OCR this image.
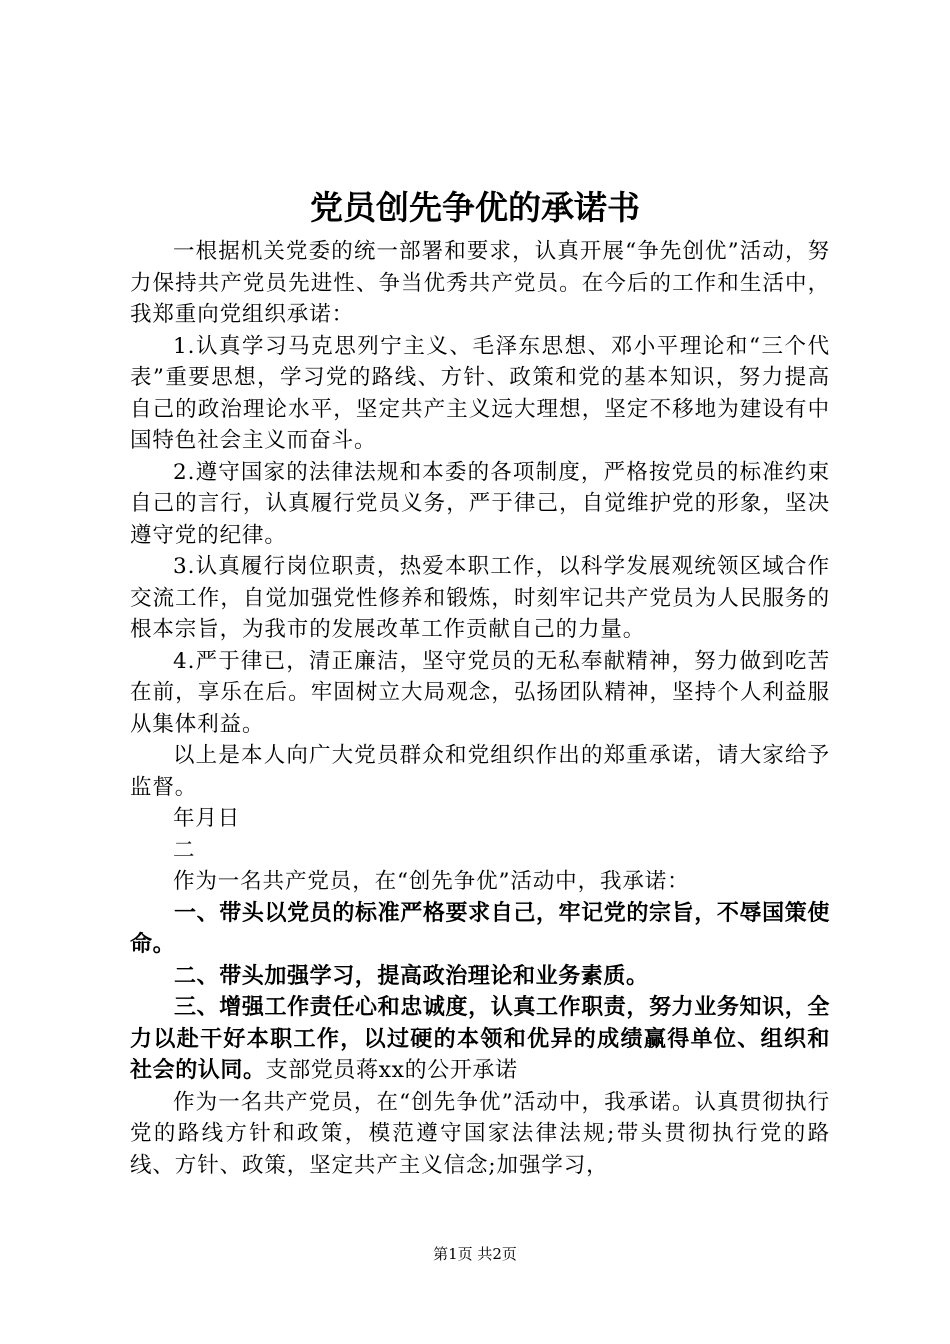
党员创先争优的承诺书

一根据机关党委的统一部署和要求，认真开展“争先创优”活动，努力保持共产党员先进性、争当优秀共产党员。在今后的工作和生活中，我郑重向党组织承诺：

1.认真学习马克思列宁主义、毛泽东思想、邓小平理论和“三个代表”重要思想，学习党的路线、方针、政策和党的基本知识，努力提高自己的政治理论水平，坚定共产主义远大理想，坚定不移地为建设有中国特色社会主义而奋斗。

2.遵守国家的法律法规和本委的各项制度，严格按党员的标准约束自己的言行，认真履行党员义务，严于律己，自觉维护党的形象，坚决遵守党的纪律。

3.认真履行岗位职责，热爱本职工作，以科学发展观统领区域合作交流工作，自觉加强党性修养和锻炼，时刻牢记共产党员为人民服务的根本宗旨，为我市的发展改革工作贡献自己的力量。

4.严于律已，清正廉洁，坚守党员的无私奉献精神，努力做到吃苦在前，享乐在后。牢固树立大局观念，弘扬团队精神，坚持个人利益服从集体利益。

以上是本人向广大党员群众和党组织作出的郑重承诺，请大家给予监督。

年月日

二

作为一名共产党员，在“创先争优”活动中，我承诺：

一、带头以党员的标准严格要求自己，牢记党的宗旨，不辱国策使命。

二、带头加强学习，提高政治理论和业务素质。

三、增强工作责任心和忠诚度，认真工作职责，努力业务知识，全力以赴干好本职工作，以过硬的本领和优异的成绩赢得单位、组织和社会的认同。支部党员蒋xx的公开承诺

作为一名共产党员，在“创先争优”活动中，我承诺。认真贯彻执行党的路线方针和政策，模范遵守国家法律法规;带头贯彻执行党的路线、方针、政策，坚定共产主义信念;加强学习，

第1页 共2页
